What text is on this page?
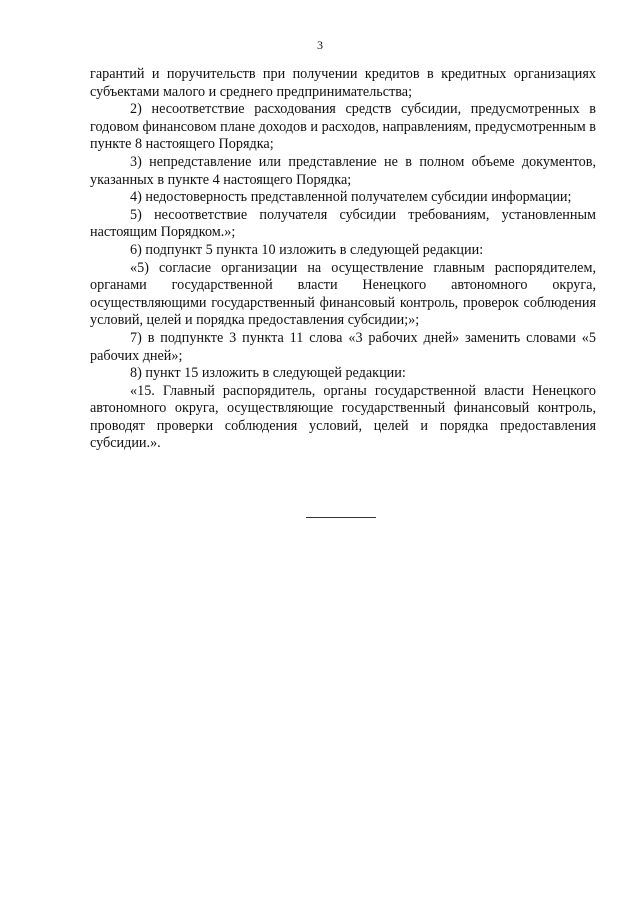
3

гарантий и поручительств при получении кредитов в кредитных организациях субъектами малого и среднего предпринимательства;

2) несоответствие расходования средств субсидии, предусмотренных в годовом финансовом плане доходов и расходов, направлениям, предусмотренным в пункте 8 настоящего Порядка;

3) непредставление или представление не в полном объеме документов, указанных в пункте 4 настоящего Порядка;

4) недостоверность представленной получателем субсидии информации;

5) несоответствие получателя субсидии требованиям, установленным настоящим Порядком.»;

6) подпункт 5 пункта 10 изложить в следующей редакции:

«5) согласие организации на осуществление главным распорядителем, органами государственной власти Ненецкого автономного округа, осуществляющими государственный финансовый контроль, проверок соблюдения условий, целей и порядка предоставления субсидии;»;

7) в подпункте 3 пункта 11 слова «3 рабочих дней» заменить словами «5 рабочих дней»;

8) пункт 15 изложить в следующей редакции:

«15. Главный распорядитель, органы государственной власти Ненецкого автономного округа, осуществляющие государственный финансовый контроль, проводят проверки соблюдения условий, целей и порядка предоставления субсидии.».
